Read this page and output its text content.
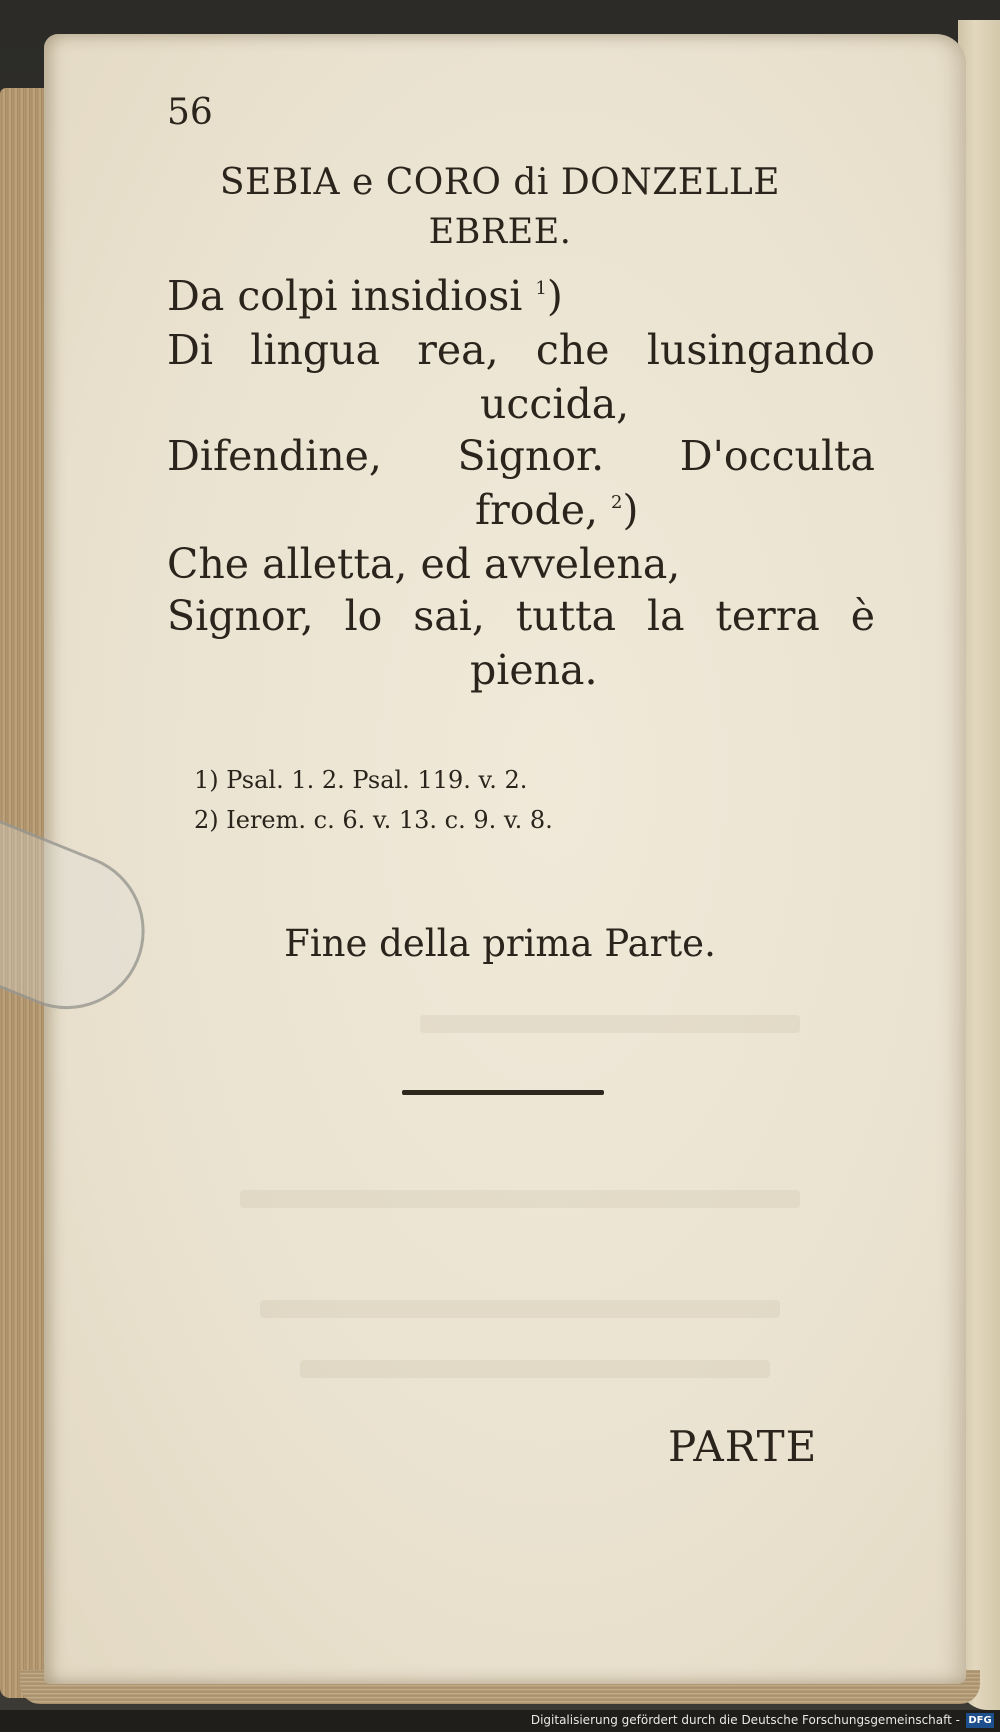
56
SEBIA e CORO di DONZELLE
EBREE.
Da colpi insidiosi $^1$)
Di lingua rea, che lusingando
uccida,
Difendine, Signor. D'occulta
frode, $^2$)
Che alletta, ed avvelena,
Signor, lo sai, tutta la terra è
piena.
1) Psal. 1. 2. Psal. 119. v. 2.
2) Ierem. c. 6. v. 13. c. 9. v. 8.
Fine della prima Parte.
PARTE
Digitalisierung gefördert durch die Deutsche Forschungsgemeinschaft - DFG
